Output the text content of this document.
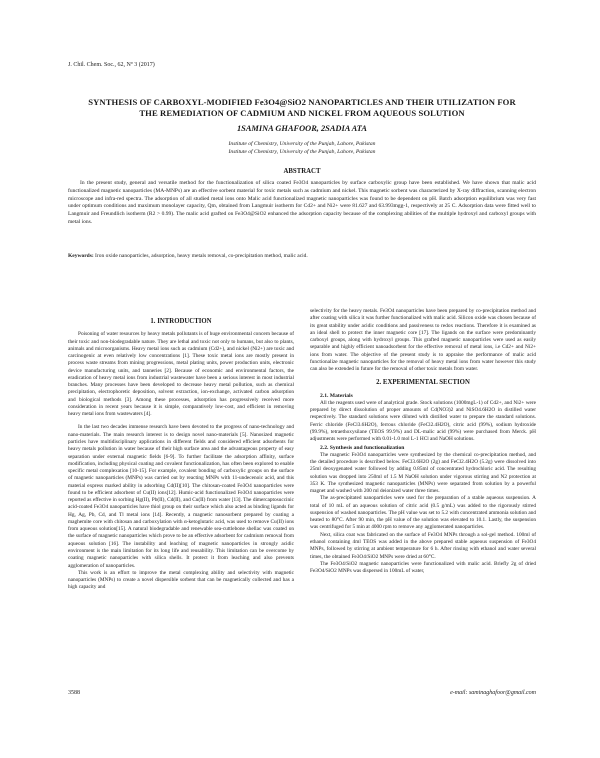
J. Chil. Chem. Soc., 62, Nº 3 (2017)
SYNTHESIS OF CARBOXYL-MODIFIED Fe3O4@SiO2 NANOPARTICLES AND THEIR UTILIZATION FOR
THE REMEDIATION OF CADMIUM AND NICKEL FROM AQUEOUS SOLUTION
1SAMINA GHAFOOR, 2SADIA ATA
Institute of Chemistry, University of the Punjab, Lahore, Pakistan
Institute of Chemistry, University of the Punjab, Lahore, Pakistan
ABSTRACT
In the present study, general and versatile method for the functionalization of silica coated Fe3O4 nanoparticles by surface carboxylic group have been established. We have shown that malic acid functionalized magnetic nanoparticles (MA-MNPs) are an effective sorbent material for toxic metals such as cadmium and nickel. This magnetic sorbent was characterized by X-ray diffraction, scanning electron microscope and infra-red spectra. The adsorption of all studied metal ions onto Malic acid functionalized magnetic nanoparticles was found to be dependent on pH. Batch adsorption equilibrium was very fast under optimum conditions and maximum monolayer capacity, Qm, obtained from Langmuir isotherm for Cd2+ and Ni2+ were 81.627 and 63.993mgg-1, respectively at 25 C. Adsorption data were fitted well to Langmuir and Freundlich isotherm (R2 > 0.99). The malic acid grafted on Fe3O4@SiO2 enhanced the adsorption capacity because of the complexing abilities of the multiple hydroxyl and carboxyl groups with metal ions.
Keywords: Iron oxide nanoparticles, adsorption, heavy metals removal, co-precipitation method, malic acid.
1. INTRODUCTION
Poisoning of water resources by heavy metals pollutants is of huge environmental concern because of their toxic and non-biodegradable nature. They are lethal and toxic not only to humans, but also to plants, animals and microorganisms. Heavy metal ions such as cadmium (Cd2+), and nickel (Ni2+) are toxic and carcinogenic at even relatively low concentrations [1]. These toxic metal ions are mostly present in process waste streams from mining progressions, metal plating units, power production units, electronic device manufacturing units, and tanneries [2]. Because of economic and environmental factors, the eradication of heavy metal ions from industrial wastewater have been a serious interest in most industrial branches. Many processes have been developed to decrease heavy metal pollution, such as chemical precipitation, electrophoretic deposition, solvent extraction, ion-exchange, activated carbon adsorption and biological methods [3]. Among these processes, adsorption has progressively received more consideration in recent years because it is simple, comparatively low-cost, and efficient in removing heavy metal ions from wastewaters [4].
In the last two decades immense research have been devoted to the progress of nano-technology and nano-materials. The main research interest is to design novel nano-materials [5]. Nanosized magnetic particles have multidisciplinary applications in different fields and considered efficient adsorbents for heavy metals pollution in water because of their high surface area and the advantageous property of easy separation under external magnetic fields [6-9]. To further facilitate the adsorption affinity, surface modification, including physical coating and covalent functionalization, has often been explored to enable specific metal complexation [10-15]. For example, covalent bonding of carboxylic groups on the surface of magnetic nanoparticles (MNPs) was carried out by reacting MNPs with 11-undecenoic acid, and this material express marked ability in adsorbing Cd(II)[10]. The chitosan-coated Fe3O4 nanoparticles were found to be efficient adsorbent of Cu(II) ions[12]. Humic-acid functionalized Fe3O4 nanoparticles were reported as effective in sorbing Hg(II), Pb(II), Cd(II), and Cu(II) from water [13]. The dimercaptosuccinic acid-coated Fe3O4 nanoparticles have thiol group on their surface which also acted as binding ligands for Hg, Ag, Pb, Cd, and Tl metal ions [14]. Recently, a magnetic nanosorbent prepared by coating a maghemite core with chitosan and carboxylation with α-ketoglutaric acid, was used to remove Cu(II) ions from aqueous solution[15]. A natural biodegradable and renewable sea-cuttlebone shellac was coated on the surface of magnetic nanoparticles which prove to be an effective adsorbent for cadmium removal from aqueous solution [16]. The instability and leaching of magnetic nanoparticles in strongly acidic environment is the main limitation for its long life and reusability. This limitation can be overcome by coating magnetic nanoparticles with silica shells. It protect it from leaching and also prevents agglomeration of nanoparticles.
This work is an effort to improve the metal complexing ability and selectivity with magnetic nanoparticles (MNPs) to create a novel dispersible sorbent that can be magnetically collected and has a high capacity and
selectivity for the heavy metals. Fe3O4 nanoparticles have been prepared by co-precipitation method and after coating with silica it was further functionalized with malic acid. Silicon oxide was chosen because of its great stability under acidic conditions and passiveness to redox reactions. Therefore it is examined as an ideal shell to protect the inner magnetic core [17]. The ligands on the surface were predominantly carboxyl groups, along with hydroxyl groups. This grafted magnetic nanoparticles were used as easily separable and highly efficient nanoadsorbent for the effective removal of metal ions, i.e Cd2+ and Ni2+ ions from water. The objective of the present study is to appraise the performance of malic acid functionalize magnetic nanoparticles for the removal of heavy metal ions from water however this study can also be extended in future for the removal of other toxic metals from water.
2. EXPERIMENTAL SECTION
2.1. Materials
All the reagents used were of analytical grade. Stock solutions (1000mgL-1) of Cd2+, and Ni2+ were prepared by direct dissolution of proper amounts of Cd(NO3)2 and NiSO4.6H2O in distilled water respectively. The standard solutions were diluted with distilled water to prepare the standard solutions. Ferric chloride (FeCl3.6H2O), ferrous chloride (FeCl2.4H2O), citric acid (99%), sodium hydroxide (99.9%), tetraethoxysilane (TEOS 99.9%) and DL-malic acid (99%) were purchased from Merck. pH adjustments were performed with 0.01-1.0 mol L-1 HCl and NaOH solutions.
2.2. Synthesis and functionalization
The magnetic Fe3O4 nanoparticles were synthesized by the chemical co-precipitation method, and the detailed procedure is described below. FeCl3.6H2O (2g) and FeCl2.4H2O (5.2g) were dissolved into 25ml deoxygenated water followed by adding 0.85ml of concentrated hydrochloric acid. The resulting solution was dropped into 250ml of 1.5 M NaOH solution under vigorous stirring and N2 protection at 353 K. The synthesized magnetic nanoparticles (MNPs) were separated from solution by a powerful magnet and washed with 200 ml deionized water three times.
The as-precipitated nanoparticles were used for the preparation of a stable aqueous suspension. A total of 10 mL of an aqueous solution of citric acid (0.5 g/mL) was added to the rigorously stirred suspension of washed nanoparticles. The pH value was set to 5.2 with concentrated ammonia solution and heated to 80°C. After 90 min, the pH value of the solution was elevated to 10.1. Lastly, the suspension was centrifuged for 5 min at 4000 rpm to remove any agglomerated nanoparticles.
Next, silica coat was fabricated on the surface of Fe3O4 MNPs through a sol-gel method. 100ml of ethanol containing 4ml TEOS was added in the above prepared stable aqueous suspension of Fe3O4 MNPs, followed by stirring at ambient temperature for 6 h. After rinsing with ethanol and water several times, the obtained Fe3O4/SiO2 MNPs were dried at 60°C.
The Fe3O4/SiO2 magnetic nanoparticles were functionalized with malic acid. Briefly 2g of dried Fe3O4/SiO2 MNPs was dispersed in 100mL of water,
3588	e-mail: saminaghafoor@gmail.com
